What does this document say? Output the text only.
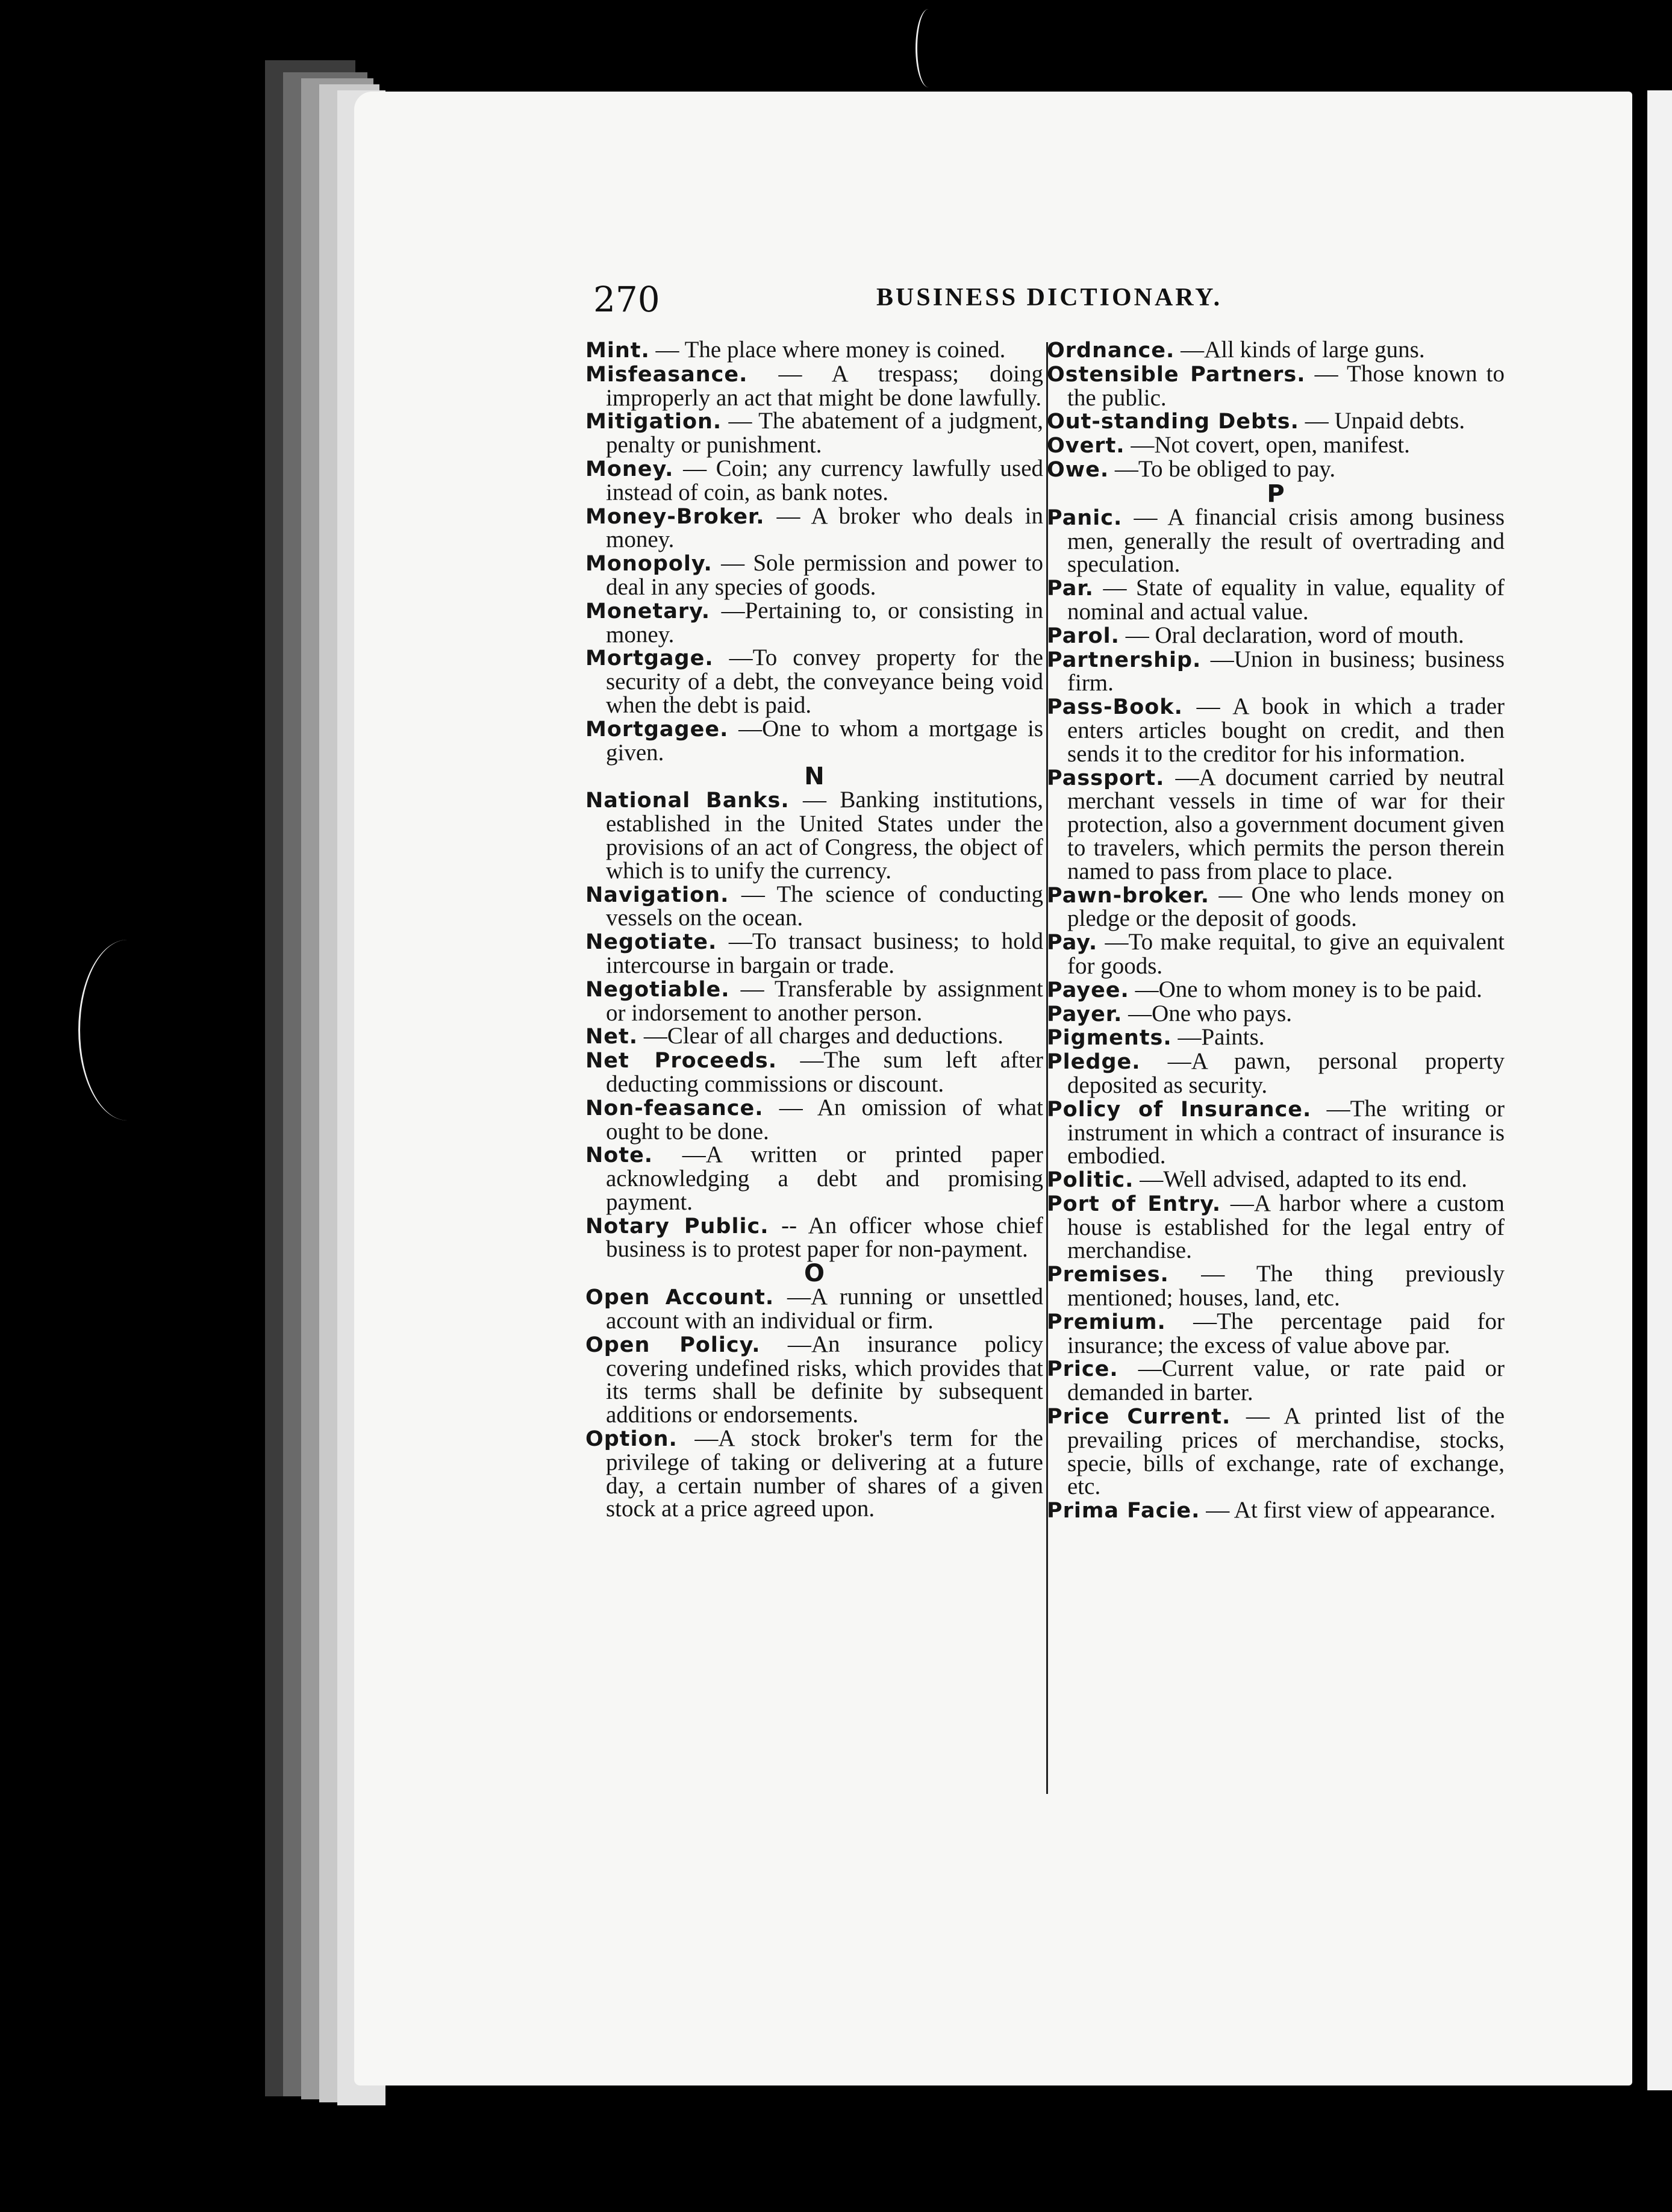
270	BUSINESS DICTIONARY.
Mint. — The place where money is coined.
Misfeasance. — A trespass; doing improperly an act that might be done lawfully.
Mitigation. — The abatement of a judgment, penalty or punishment.
Money. — Coin; any currency lawfully used instead of coin, as bank notes.
Money-Broker. — A broker who deals in money.
Monopoly. — Sole permission and power to deal in any species of goods.
Monetary. —Pertaining to, or consisting in money.
Mortgage. —To convey property for the security of a debt, the conveyance being void when the debt is paid.
Mortgagee. —One to whom a mortgage is given.
N
National Banks. — Banking institutions, established in the United States under the provisions of an act of Congress, the object of which is to unify the currency.
Navigation. — The science of conducting vessels on the ocean.
Negotiate. —To transact business; to hold intercourse in bargain or trade.
Negotiable. — Transferable by assignment or indorsement to another person.
Net. —Clear of all charges and deductions.
Net Proceeds. —The sum left after deducting commissions or discount.
Non-feasance. — An omission of what ought to be done.
Note. —A written or printed paper acknowledging a debt and promising payment.
Notary Public. -- An officer whose chief business is to protest paper for non-payment.
O
Open Account. —A running or unsettled account with an individual or firm.
Open Policy. —An insurance policy covering undefined risks, which provides that its terms shall be definite by subsequent additions or endorsements.
Option. —A stock broker's term for the privilege of taking or delivering at a future day, a certain number of shares of a given stock at a price agreed upon.
Ordnance. —All kinds of large guns.
Ostensible Partners. — Those known to the public.
Out-standing Debts. — Unpaid debts.
Overt. —Not covert, open, manifest.
Owe. —To be obliged to pay.
P
Panic. — A financial crisis among business men, generally the result of overtrading and speculation.
Par. — State of equality in value, equality of nominal and actual value.
Parol. — Oral declaration, word of mouth.
Partnership. —Union in business; business firm.
Pass-Book. — A book in which a trader enters articles bought on credit, and then sends it to the creditor for his information.
Passport. —A document carried by neutral merchant vessels in time of war for their protection, also a government document given to travelers, which permits the person therein named to pass from place to place.
Pawn-broker. — One who lends money on pledge or the deposit of goods.
Pay. —To make requital, to give an equivalent for goods.
Payee. —One to whom money is to be paid.
Payer. —One who pays.
Pigments. —Paints.
Pledge. —A pawn, personal property deposited as security.
Policy of Insurance. —The writing or instrument in which a contract of insurance is embodied.
Politic. —Well advised, adapted to its end.
Port of Entry. —A harbor where a custom house is established for the legal entry of merchandise.
Premises. — The thing previously mentioned; houses, land, etc.
Premium. —The percentage paid for insurance; the excess of value above par.
Price. —Current value, or rate paid or demanded in barter.
Price Current. — A printed list of the prevailing prices of merchandise, stocks, specie, bills of exchange, rate of exchange, etc.
Prima Facie. — At first view of appearance.
